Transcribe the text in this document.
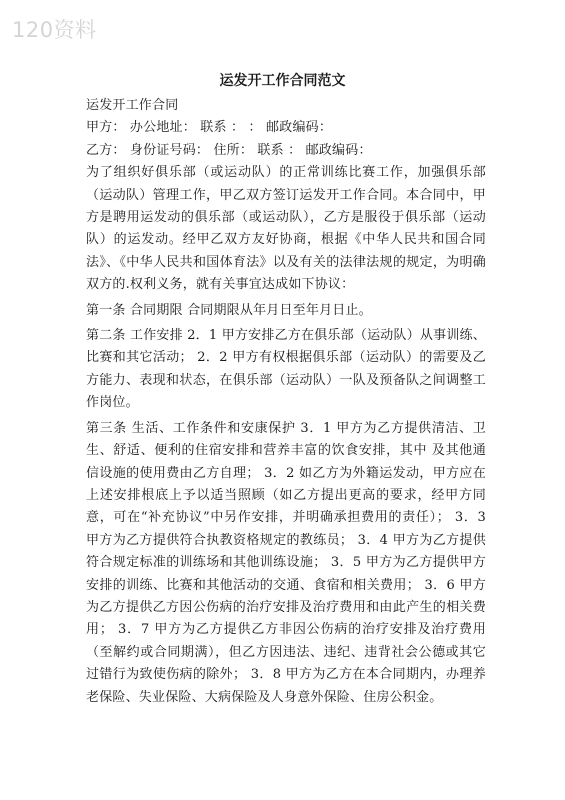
120资料
运发开工作合同范文

运发开工作合同

甲方： 办公地址： 联系 ： ： 邮政编码：

乙方： 身份证号码： 住所： 联系 ： 邮政编码：

为了组织好俱乐部（或运动队）的正常训练比赛工作，加强俱乐部（运动队）管理工作，甲乙双方签订运发开工作合同。本合同中，甲方是聘用运发动的俱乐部（或运动队），乙方是服役于俱乐部（运动队）的运发动。经甲乙双方友好协商，根据《中华人民共和国合同法》、《中华人民共和国体育法》以及有关的法律法规的规定，为明确双方的.权利义务，就有关事宜达成如下协议：

第一条 合同期限 合同期限从年月日至年月日止。

第二条 工作安排 2．1 甲方安排乙方在俱乐部（运动队）从事训练、比赛和其它活动； 2．2 甲方有权根据俱乐部（运动队）的需要及乙方能力、表现和状态，在俱乐部（运动队）一队及预备队之间调整工作岗位。

第三条 生活、工作条件和安康保护 3．1 甲方为乙方提供清洁、卫生、舒适、便利的住宿安排和营养丰富的饮食安排，其中 及其他通信设施的使用费由乙方自理； 3．2 如乙方为外籍运发动，甲方应在上述安排根底上予以适当照顾（如乙方提出更高的要求，经甲方同意，可在“补充协议”中另作安排，并明确承担费用的责任）； 3．3 甲方为乙方提供符合执教资格规定的教练员； 3．4 甲方为乙方提供符合规定标准的训练场和其他训练设施； 3．5 甲方为乙方提供甲方安排的训练、比赛和其他活动的交通、食宿和相关费用； 3．6 甲方为乙方提供乙方因公伤病的治疗安排及治疗费用和由此产生的相关费用； 3．7 甲方为乙方提供乙方非因公伤病的治疗安排及治疗费用（至解约或合同期满），但乙方因违法、违纪、违背社会公德或其它过错行为致使伤病的除外； 3．8 甲方为乙方在本合同期内，办理养老保险、失业保险、大病保险及人身意外保险、住房公积金。
